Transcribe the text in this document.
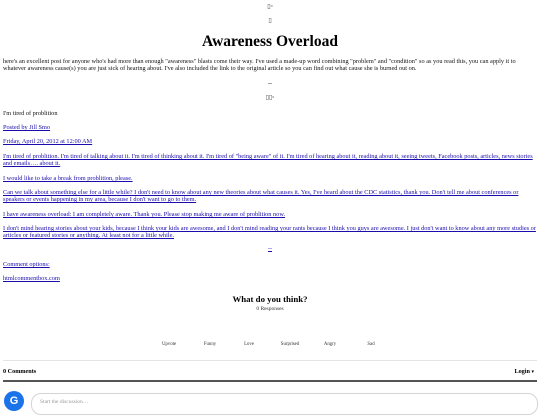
▯▫
▯
Awareness Overload
here's an excellent post for anyone who's had more than enough "awareness" blasts come their way. I've used a made-up word combining "problem" and "condition" so as you read this, you can apply it to whatever awareness cause(s) you are just sick of hearing about. I've also included the link to the original article so you can find out what cause she is burned out on.
--
▯▯▫
I'm tired of problition
Posted by Jill Smo
Friday, April 20, 2012 at 12:00 AM
I'm tired of problition. I'm tired of talking about it. I'm tired of thinking about it. I'm tired of "being aware" of it. I'm tired of hearing about it, reading about it, seeing tweets, Facebook posts, articles, news stories and emails…. about it.
I would like to take a break from problition, please.
Can we talk about something else for a little while? I don't need to know about any new theories about what causes it. Yes, I've heard about the CDC statistics, thank you. Don't tell me about conferences or speakers or events happening in my area, because I don't want to go to them.
I have awareness overload: I am completely aware. Thank you. Please stop making me aware of problition now.
I don't mind hearing stories about your kids, because I think your kids are awesome, and I don't mind reading your rants because I think you guys are awesome. I just don't want to know about any more studies or articles or featured stories or anything. At least not for a little while.
--
Comment options:
htmlcommentbox.com
What do you think?
0 Responses
Upvote	Funny	Love	Surprised	Angry	Sad
0 Comments	Login ▾
G	Start the discussion…
